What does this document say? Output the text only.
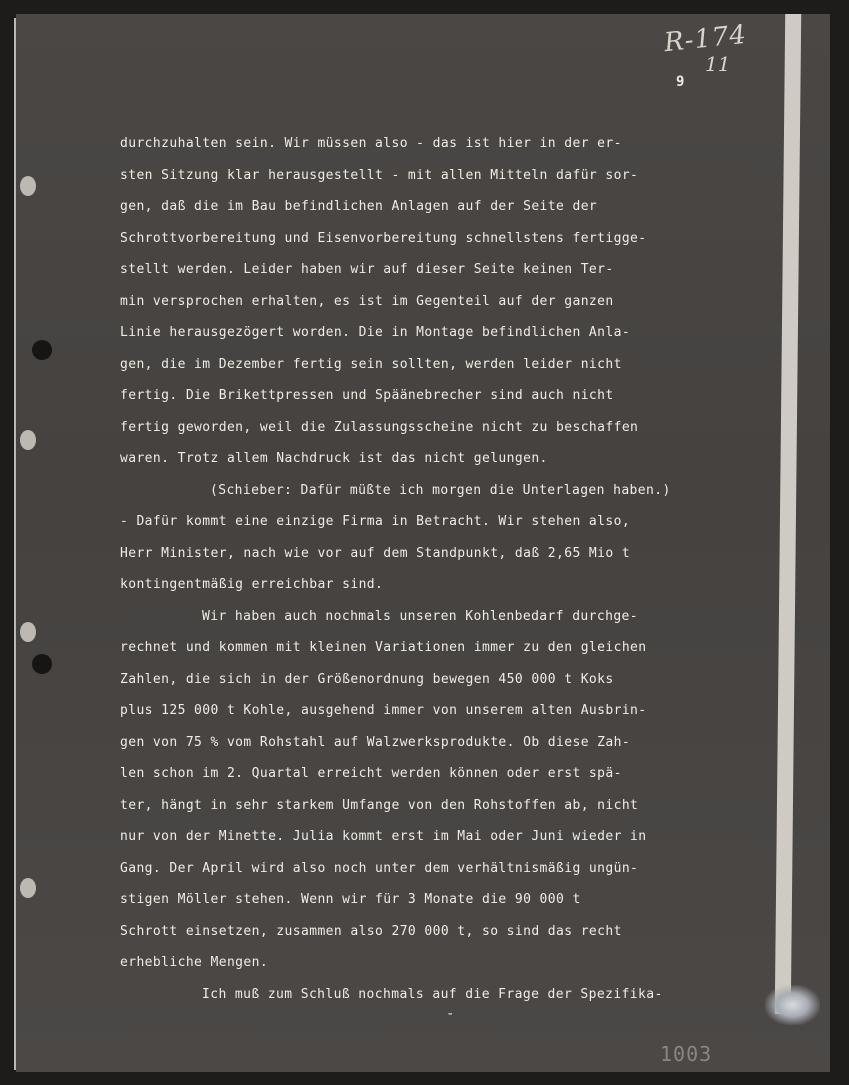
R-174
11
9

durchzuhalten sein. Wir müssen also - das ist hier in der er-

sten Sitzung klar herausgestellt - mit allen Mitteln dafür sor-

gen, daß die im Bau befindlichen Anlagen auf der Seite der

Schrottvorbereitung und Eisenvorbereitung schnellstens fertigge-

stellt werden. Leider haben wir auf dieser Seite keinen Ter-

min versprochen erhalten, es ist im Gegenteil auf der ganzen

Linie herausgezögert worden. Die in Montage befindlichen Anla-

gen, die im Dezember fertig sein sollten, werden leider nicht

fertig. Die Brikettpressen und Späänebrecher sind auch nicht

fertig geworden, weil die Zulassungsscheine nicht zu beschaffen

waren. Trotz allem Nachdruck ist das nicht gelungen.

(Schieber: Dafür müßte ich morgen die Unterlagen haben.)

- Dafür kommt eine einzige Firma in Betracht. Wir stehen also,

Herr Minister, nach wie vor auf dem Standpunkt, daß 2,65 Mio t

kontingentmäßig erreichbar sind.

Wir haben auch nochmals unseren Kohlenbedarf durchge-

rechnet und kommen mit kleinen Variationen immer zu den gleichen

Zahlen, die sich in der Größenordnung bewegen 450 000 t Koks

plus 125 000 t Kohle, ausgehend immer von unserem alten Ausbrin-

gen von 75 % vom Rohstahl auf Walzwerksprodukte. Ob diese Zah-

len schon im 2. Quartal erreicht werden können oder erst spä-

ter, hängt in sehr starkem Umfange von den Rohstoffen ab, nicht

nur von der Minette. Julia kommt erst im Mai oder Juni wieder in

Gang. Der April wird also noch unter dem verhältnismäßig ungün-

stigen Möller stehen. Wenn wir für 3 Monate die 90 000 t

Schrott einsetzen, zusammen also 270 000 t, so sind das recht

erhebliche Mengen.

Ich muß zum Schluß nochmals auf die Frage der Spezifika-

-
1003
